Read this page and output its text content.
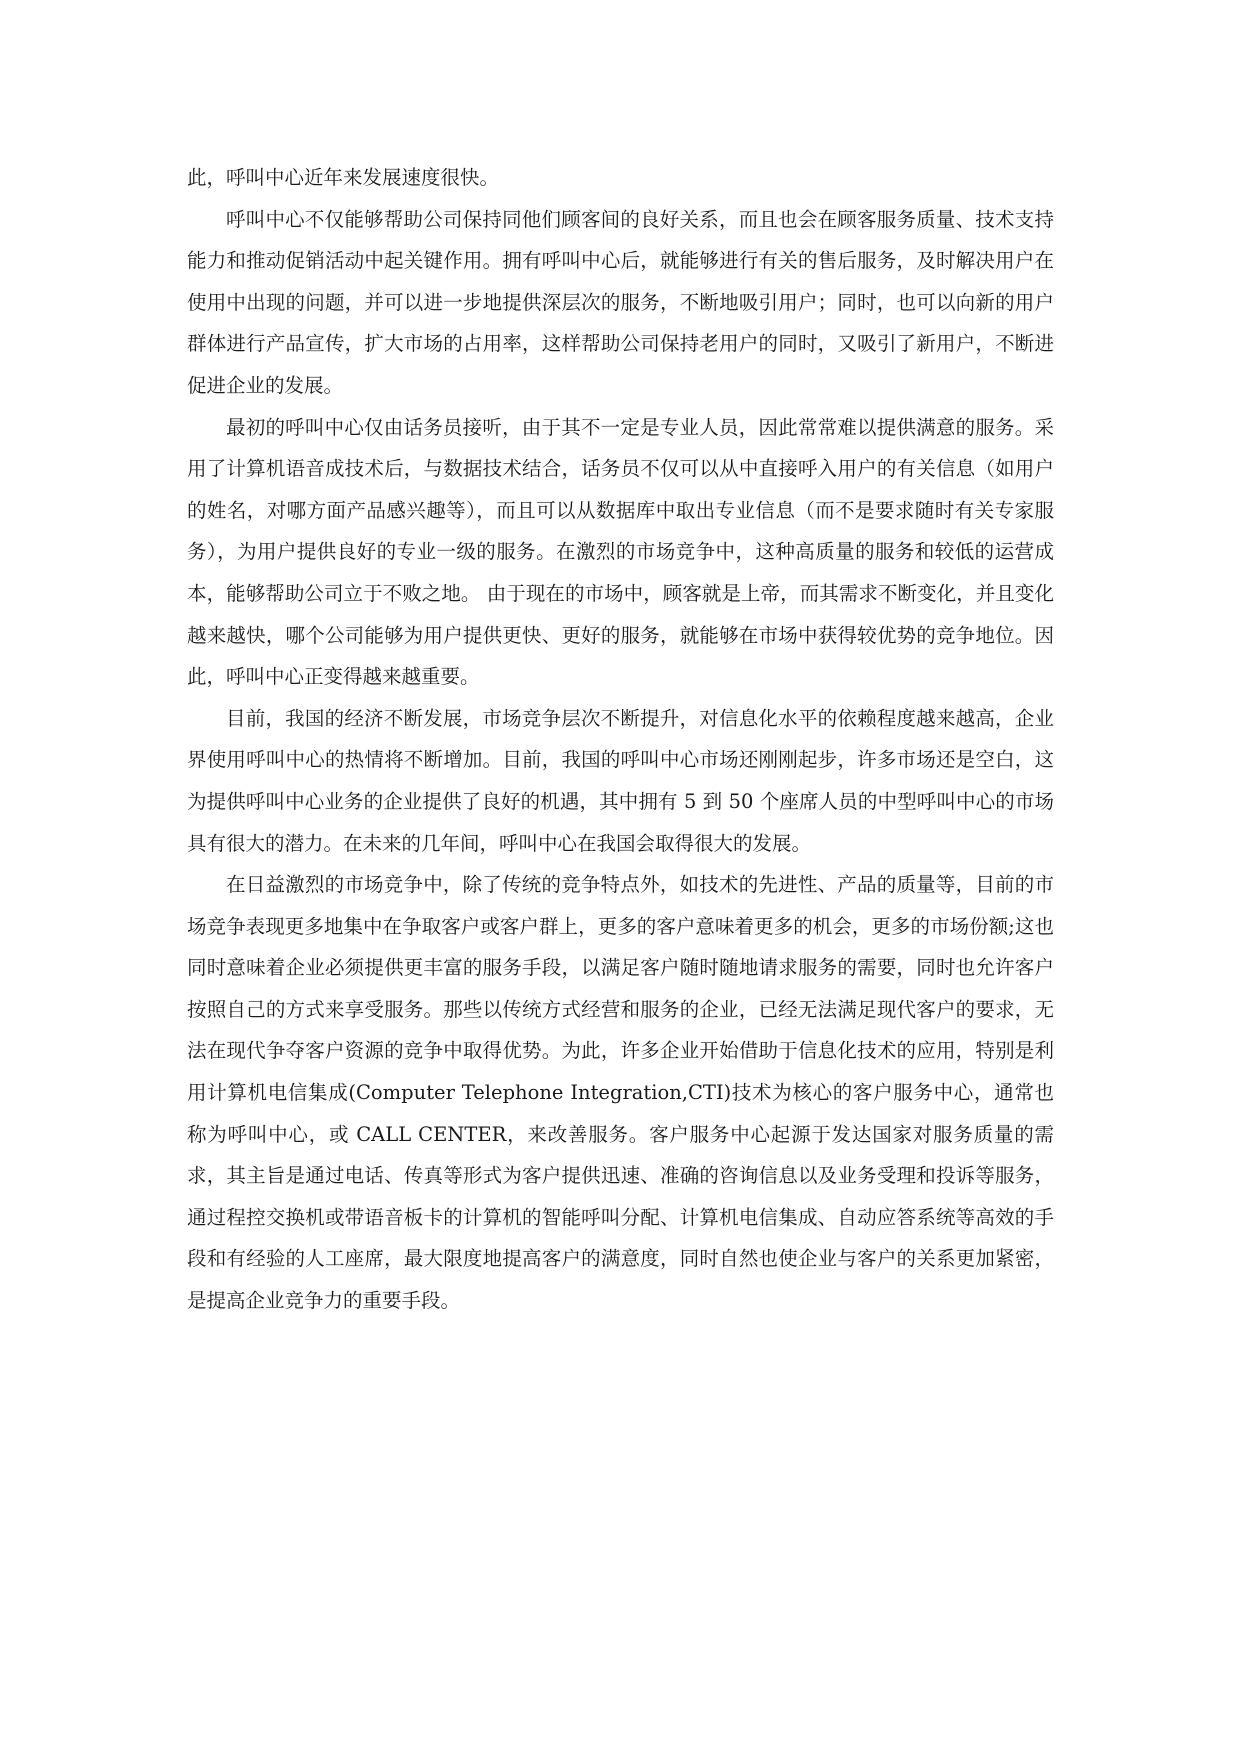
此，呼叫中心近年来发展速度很快。

呼叫中心不仅能够帮助公司保持同他们顾客间的良好关系，而且也会在顾客服务质量、技术支持能力和推动促销活动中起关键作用。拥有呼叫中心后，就能够进行有关的售后服务，及时解决用户在使用中出现的问题，并可以进一步地提供深层次的服务，不断地吸引用户；同时，也可以向新的用户群体进行产品宣传，扩大市场的占用率，这样帮助公司保持老用户的同时，又吸引了新用户，不断进促进企业的发展。

最初的呼叫中心仅由话务员接听，由于其不一定是专业人员，因此常常难以提供满意的服务。采用了计算机语音成技术后，与数据技术结合，话务员不仅可以从中直接呼入用户的有关信息（如用户的姓名，对哪方面产品感兴趣等），而且可以从数据库中取出专业信息（而不是要求随时有关专家服务），为用户提供良好的专业一级的服务。在激烈的市场竞争中，这种高质量的服务和较低的运营成本，能够帮助公司立于不败之地。 由于现在的市场中，顾客就是上帝，而其需求不断变化，并且变化越来越快，哪个公司能够为用户提供更快、更好的服务，就能够在市场中获得较优势的竞争地位。因此，呼叫中心正变得越来越重要。

目前，我国的经济不断发展，市场竞争层次不断提升，对信息化水平的依赖程度越来越高，企业界使用呼叫中心的热情将不断增加。目前，我国的呼叫中心市场还刚刚起步，许多市场还是空白，这为提供呼叫中心业务的企业提供了良好的机遇，其中拥有 5 到 50 个座席人员的中型呼叫中心的市场具有很大的潜力。在未来的几年间，呼叫中心在我国会取得很大的发展。

在日益激烈的市场竞争中，除了传统的竞争特点外，如技术的先进性、产品的质量等，目前的市场竞争表现更多地集中在争取客户或客户群上，更多的客户意味着更多的机会，更多的市场份额;这也同时意味着企业必须提供更丰富的服务手段，以满足客户随时随地请求服务的需要，同时也允许客户按照自己的方式来享受服务。那些以传统方式经营和服务的企业，已经无法满足现代客户的要求，无法在现代争夺客户资源的竞争中取得优势。为此，许多企业开始借助于信息化技术的应用，特别是利用计算机电信集成(Computer Telephone Integration,CTI)技术为核心的客户服务中心，通常也称为呼叫中心，或 CALL CENTER，来改善服务。客户服务中心起源于发达国家对服务质量的需求，其主旨是通过电话、传真等形式为客户提供迅速、准确的咨询信息以及业务受理和投诉等服务，通过程控交换机或带语音板卡的计算机的智能呼叫分配、计算机电信集成、自动应答系统等高效的手段和有经验的人工座席，最大限度地提高客户的满意度，同时自然也使企业与客户的关系更加紧密，是提高企业竞争力的重要手段。
